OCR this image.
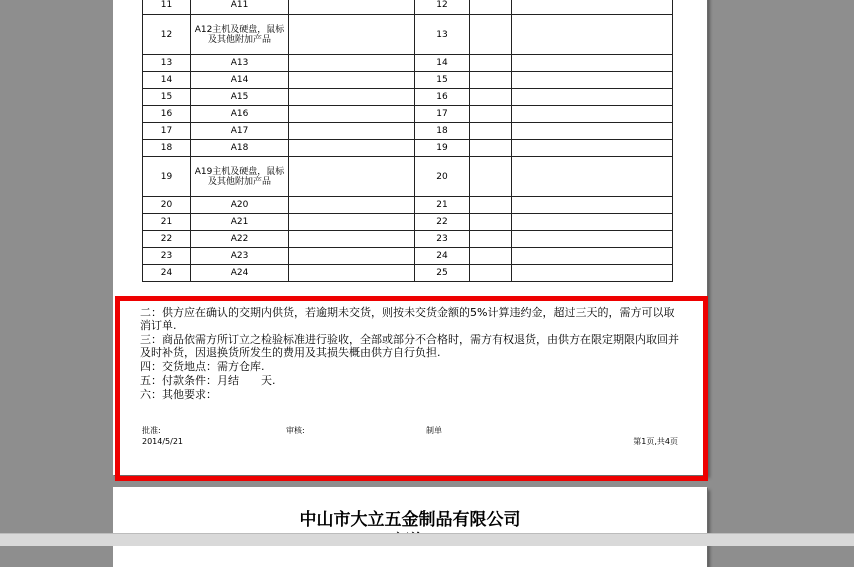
11	A11		12		
12	A12主机及硬盘，鼠标及其他附加产品		13		
13	A13		14		
14	A14		15		
15	A15		16		
16	A16		17		
17	A17		18		
18	A18		19		
19	A19主机及硬盘，鼠标及其他附加产品		20		
20	A20		21		
21	A21		22		
22	A22		23		
23	A23		24		
24	A24		25		

二：供方应在确认的交期内供货，若逾期未交货，则按未交货金额的5%计算违约金，超过三天的，需方可以取消订单.

三：商品依需方所订立之检验标准进行验收，全部或部分不合格时，需方有权退货，由供方在限定期限内取回并及时补货，因退换货所发生的费用及其损失概由供方自行负担.

四：交货地点：需方仓库.

五：付款条件：月结　　天.

六：其他要求：

批准:	审核:	制单
2014/5/21	第1页,共4页
中山市大立五金制品有限公司
